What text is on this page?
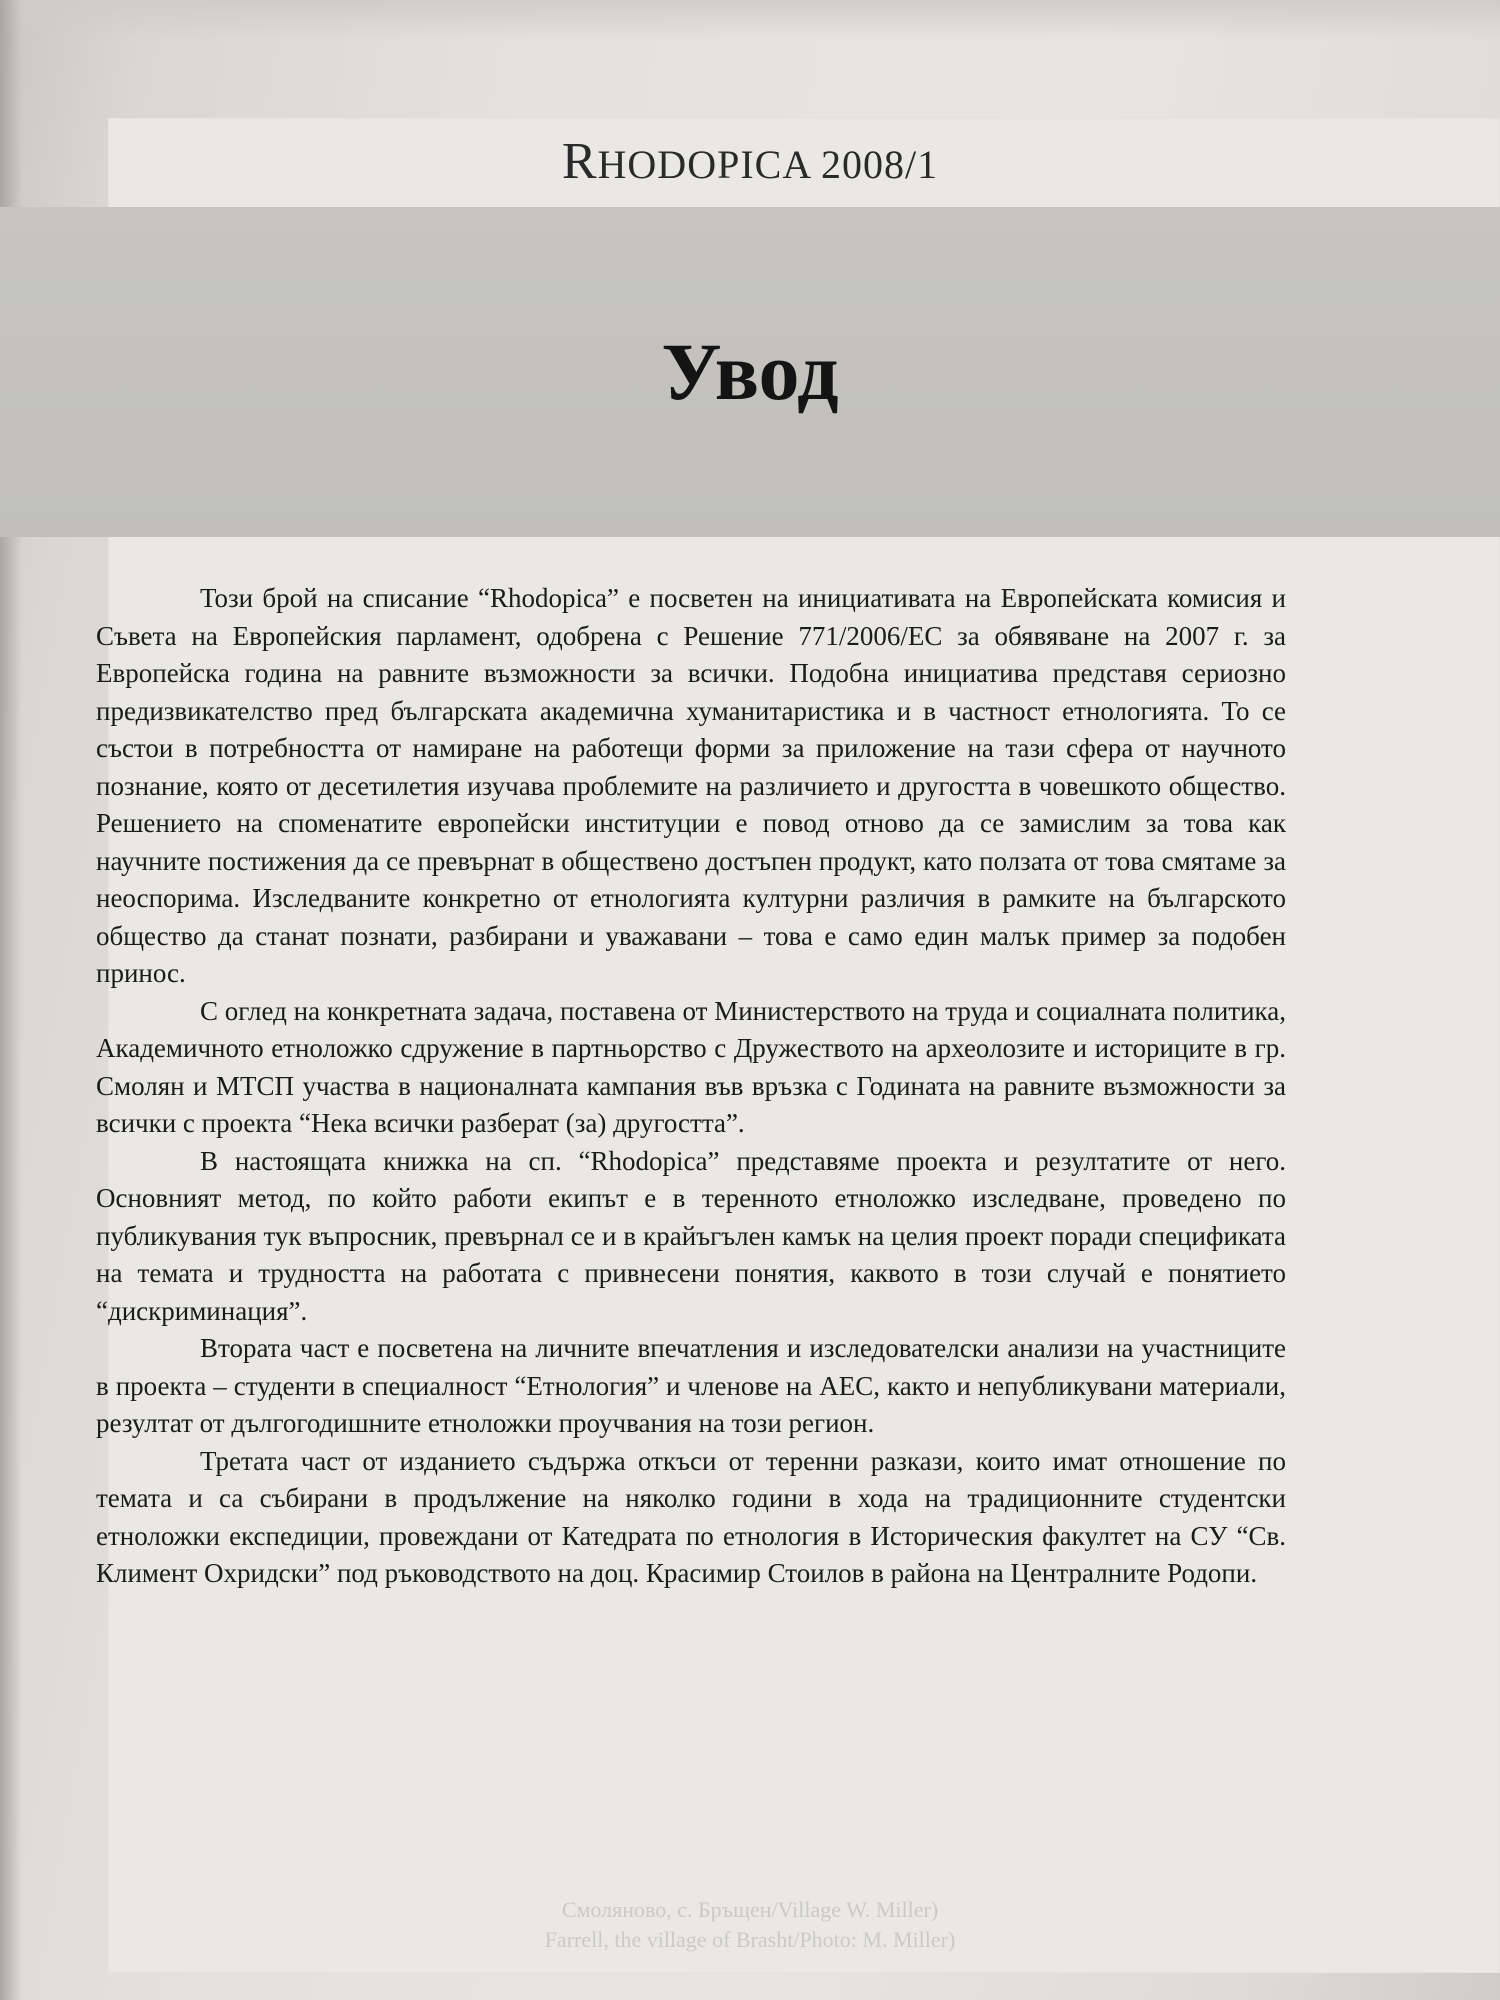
RHODOPICA 2008/1
Увод

Този брой на списание “Rhodopica” е посветен на инициативата на Европейската комисия и Съвета на Европейския парламент, одобрена с Решение 771/2006/ЕС за обявяване на 2007 г. за Европейска година на равните възможности за всички. Подобна инициатива представя сериозно предизвикателство пред българската академична хуманитаристика и в частност етнологията. То се състои в потребността от намиране на работещи форми за приложение на тази сфера от научното познание, която от десетилетия изучава проблемите на различието и другостта в човешкото общество. Решението на споменатите европейски институции е повод отново да се замислим за това как научните постижения да се превърнат в обществено достъпен продукт, като ползата от това смятаме за неоспорима. Изследваните конкретно от етнологията културни различия в рамките на българското общество да станат познати, разбирани и уважавани – това е само един малък пример за подобен принос.

С оглед на конкретната задача, поставена от Министерството на труда и социалната политика, Академичното етноложко сдружение в партньорство с Дружеството на археолозите и историците в гр. Смолян и МТСП участва в националната кампания във връзка с Годината на равните възможности за всички с проекта “Нека всички разберат (за) другостта”.

В настоящата книжка на сп. “Rhodopica” представяме проекта и резултатите от него. Основният метод, по който работи екипът е в теренното етноложко изследване, проведено по публикувания тук въпросник, превърнал се и в крайъгълен камък на целия проект поради спецификата на темата и трудността на работата с привнесени понятия, каквото в този случай е понятието “дискриминация”.

Втората част е посветена на личните впечатления и изследователски анализи на участниците в проекта – студенти в специалност “Етнология” и членове на АЕС, както и непубликувани материали, резултат от дългогодишните етноложки проучвания на този регион.

Третата част от изданието съдържа откъси от теренни разкази, които имат отношение по темата и са събирани в продължение на няколко години в хода на традиционните студентски етноложки експедиции, провеждани от Катедрата по етнология в Историческия факултет на СУ “Св. Климент Охридски” под ръководството на доц. Красимир Стоилов в района на Централните Родопи.

Смоляново, с. Бръщен/Village W. Miller)
Farrell, the village of Brasht/Photo: M. Miller)
